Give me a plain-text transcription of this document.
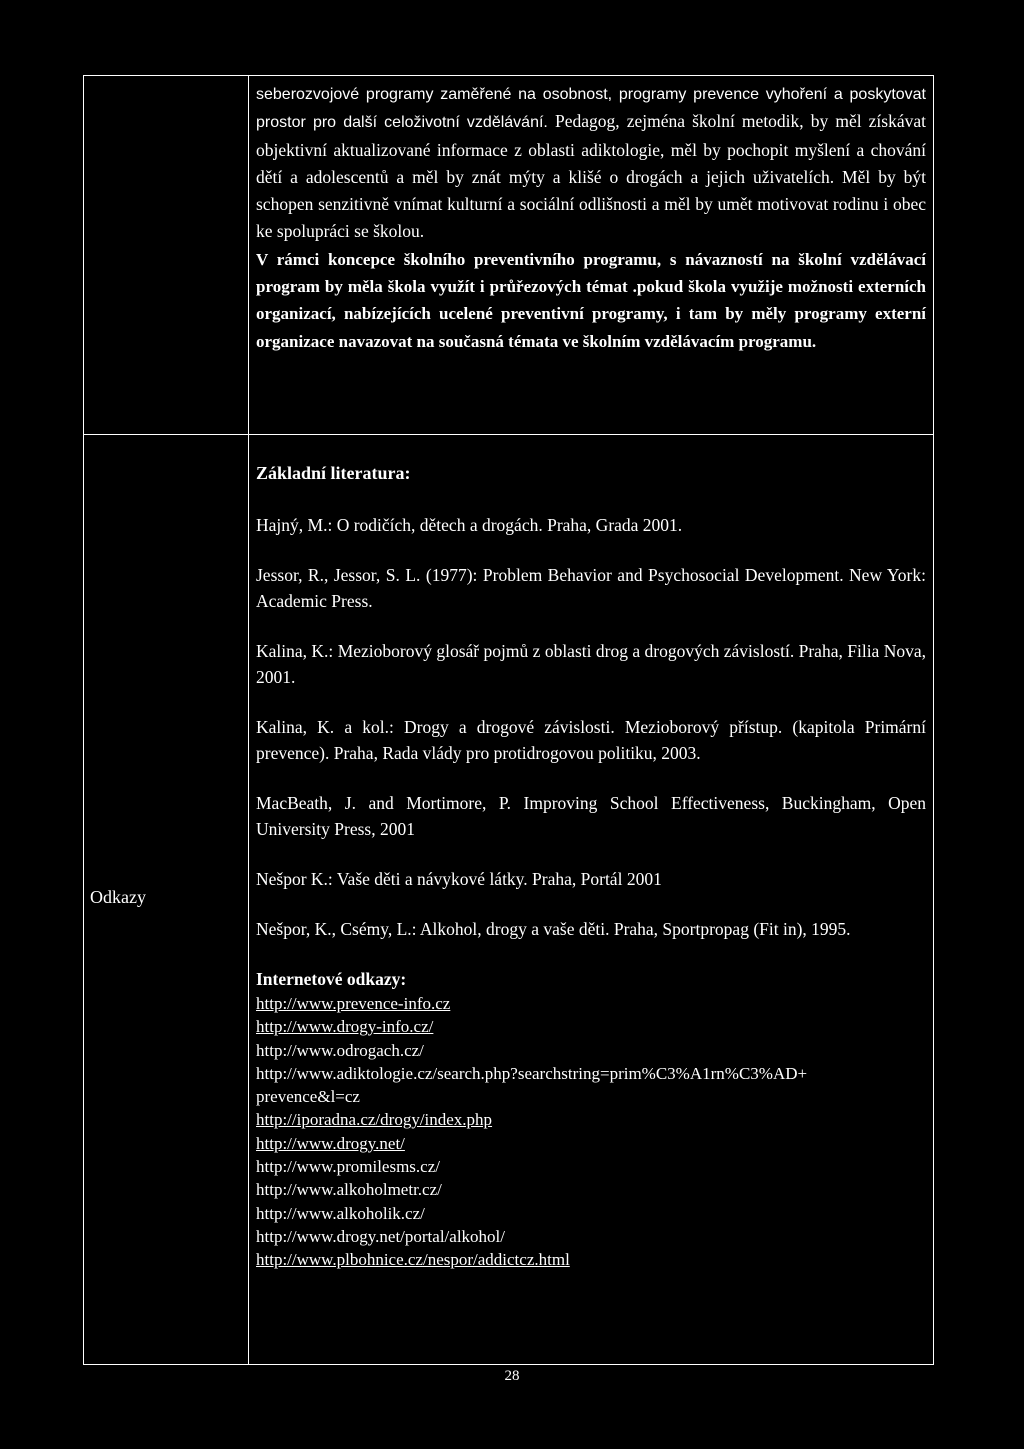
seberozvojové programy zaměřené na osobnost, programy prevence vyhoření a poskytovat prostor pro další celoživotní vzdělávání. Pedagog, zejména školní metodik, by měl získávat objektivní aktualizované informace z oblasti adiktologie, měl by pochopit myšlení a chování dětí a adolescentů a měl by znát mýty a klišé o drogách a jejich uživatelích. Měl by být schopen senzitivně vnímat kulturní a sociální odlišnosti a měl by umět motivovat rodinu i obec ke spolupráci se školou.

V rámci koncepce školního preventivního programu, s návazností na školní vzdělávací program by měla škola využít i průřezových témat .pokud škola využije možnosti externích organizací, nabízejících ucelené preventivní programy, i tam by měly programy externí organizace navazovat na současná témata ve školním vzdělávacím programu.

Odkazy

Základní literatura:

Hajný, M.: O rodičích, dětech a drogách. Praha, Grada 2001.

Jessor, R., Jessor, S. L. (1977): Problem Behavior and Psychosocial Development. New York: Academic Press.

Kalina, K.: Mezioborový glosář pojmů z oblasti drog a drogových závislostí. Praha, Filia Nova, 2001.

Kalina, K. a kol.: Drogy a drogové závislosti. Mezioborový přístup. (kapitola Primární prevence). Praha, Rada vlády pro protidrogovou politiku, 2003.

MacBeath, J. and Mortimore, P. Improving School Effectiveness, Buckingham, Open University Press, 2001

Nešpor K.: Vaše děti a návykové látky. Praha, Portál 2001

Nešpor, K., Csémy, L.: Alkohol, drogy a vaše děti. Praha, Sportpropag (Fit in), 1995.

Internetové odkazy:

http://www.prevence-info.cz
http://www.drogy-info.cz/
http://www.odrogach.cz/
http://www.adiktologie.cz/search.php?searchstring=prim%C3%A1rn%C3%AD+
prevence&l=cz
http://iporadna.cz/drogy/index.php
http://www.drogy.net/
http://www.promilesms.cz/
http://www.alkoholmetr.cz/
http://www.alkoholik.cz/
http://www.drogy.net/portal/alkohol/
http://www.plbohnice.cz/nespor/addictcz.html
28
